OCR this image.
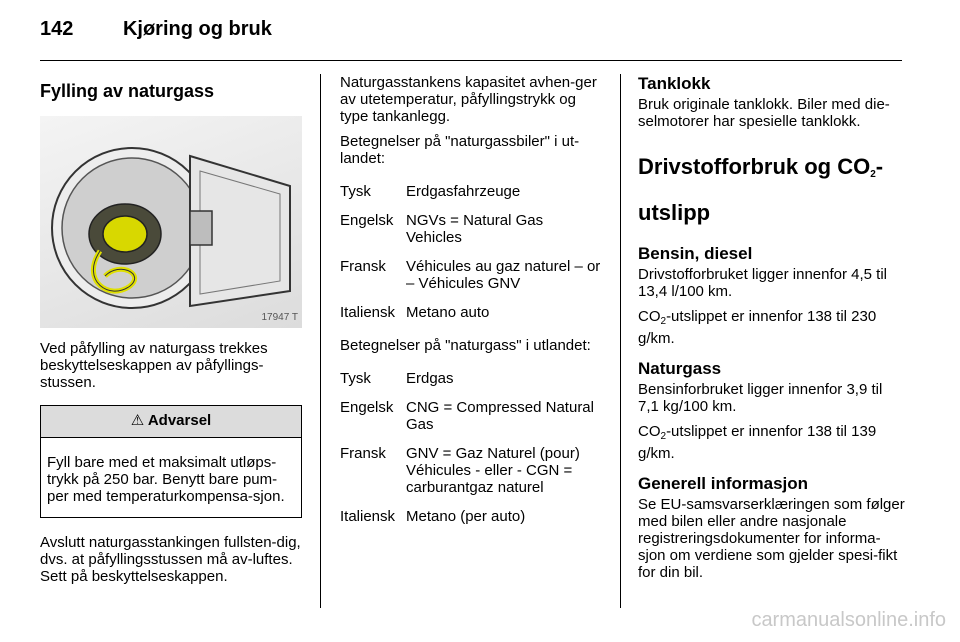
142 Kjøring og bruk
Fylling av naturgass
17947 T

Ved påfylling av naturgass trekkes beskyttelseskappen av påfyllings-stussen.

⚠ Advarsel
Fyll bare med et maksimalt utløps-trykk på 250 bar. Benytt bare pum-per med temperaturkompensa-sjon.

Avslutt naturgasstankingen fullsten-dig, dvs. at påfyllingsstussen må av-luftes. Sett på beskyttelseskappen.

Naturgasstankens kapasitet avhen-ger av utetemperatur, påfyllingstrykk og type tankanlegg.

Betegnelser på "naturgassbiler" i ut-landet:

Tysk	Erdgasfahrzeuge
Engelsk NGVs = Natural Gas Vehicles
Fransk	Véhicules au gaz naturel – or – Véhicules GNV
Italiensk Metano auto

Betegnelser på "naturgass" i utlandet:

Tysk	Erdgas
Engelsk CNG = Compressed Natural Gas
Fransk	GNV = Gaz Naturel (pour) Véhicules - eller - CGN = carburantgaz naturel
Italiensk Metano (per auto)
Tanklokk

Bruk originale tanklokk. Biler med die-selmotorer har spesielle tanklokk.

Drivstofforbruk og $CO_2$-utslipp
Bensin, diesel

Drivstofforbruket ligger innenfor 4,5 til 13,4 l/100 km.

$CO_2$-utslippet er innenfor 138 til 230 g/km.

Naturgass

Bensinforbruket ligger innenfor 3,9 til 7,1 kg/100 km.

$CO_2$-utslippet er innenfor 138 til 139 g/km.

Generell informasjon

Se EU-samsvarserklæringen som følger med bilen eller andre nasjonale registreringsdokumenter for informa-sjon om verdiene som gjelder spesi-fikt for din bil.

carmanualsonline.info
